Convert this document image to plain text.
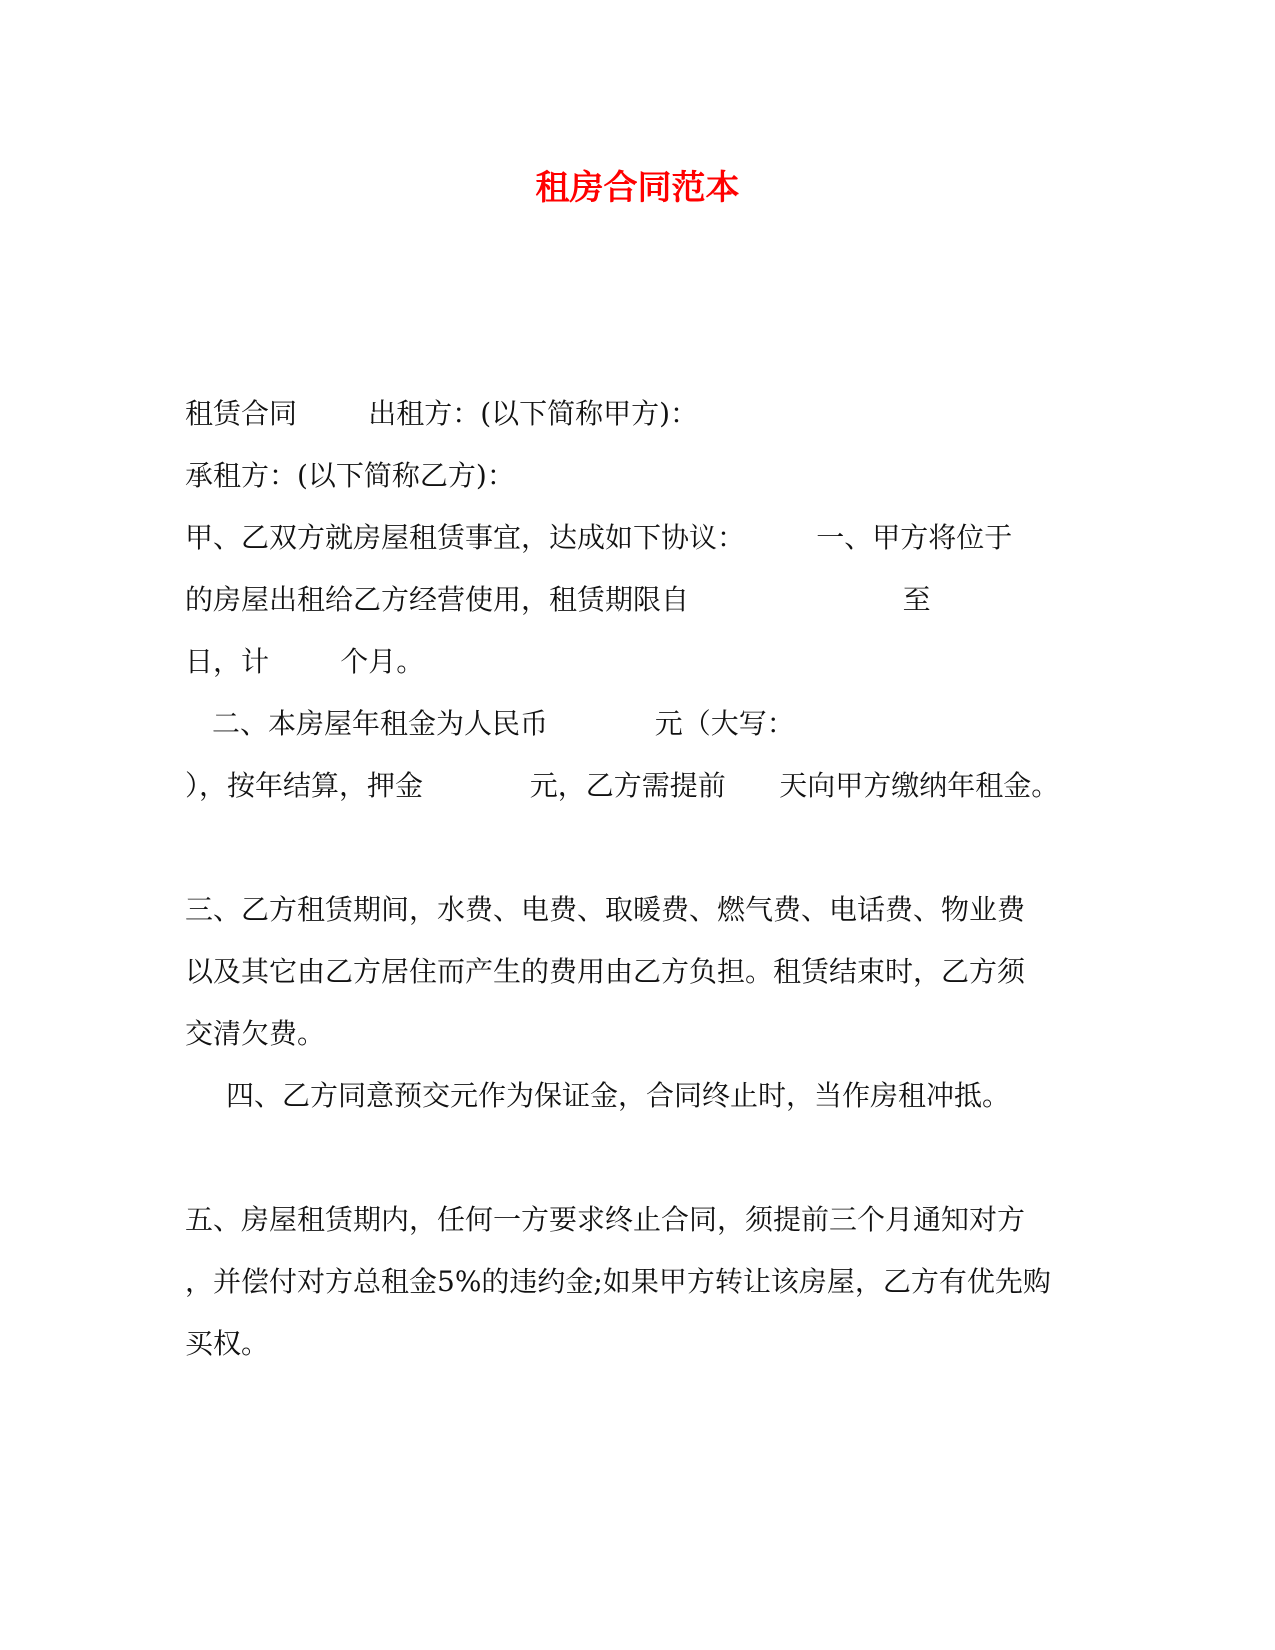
租房合同范本

租赁合同        出租方：(以下简称甲方)：

承租方：(以下简称乙方)：

甲、乙双方就房屋租赁事宜，达成如下协议：        一、甲方将位于

的房屋出租给乙方经营使用，租赁期限自                        至

日，计        个月。

二、本房屋年租金为人民币            元（大写：

），按年结算，押金            元，乙方需提前      天向甲方缴纳年租金。

三、乙方租赁期间，水费、电费、取暖费、燃气费、电话费、物业费

以及其它由乙方居住而产生的费用由乙方负担。租赁结束时，乙方须

交清欠费。

四、乙方同意预交元作为保证金，合同终止时，当作房租冲抵。

五、房屋租赁期内，任何一方要求终止合同，须提前三个月通知对方

，并偿付对方总租金5%的违约金;如果甲方转让该房屋，乙方有优先购

买权。
